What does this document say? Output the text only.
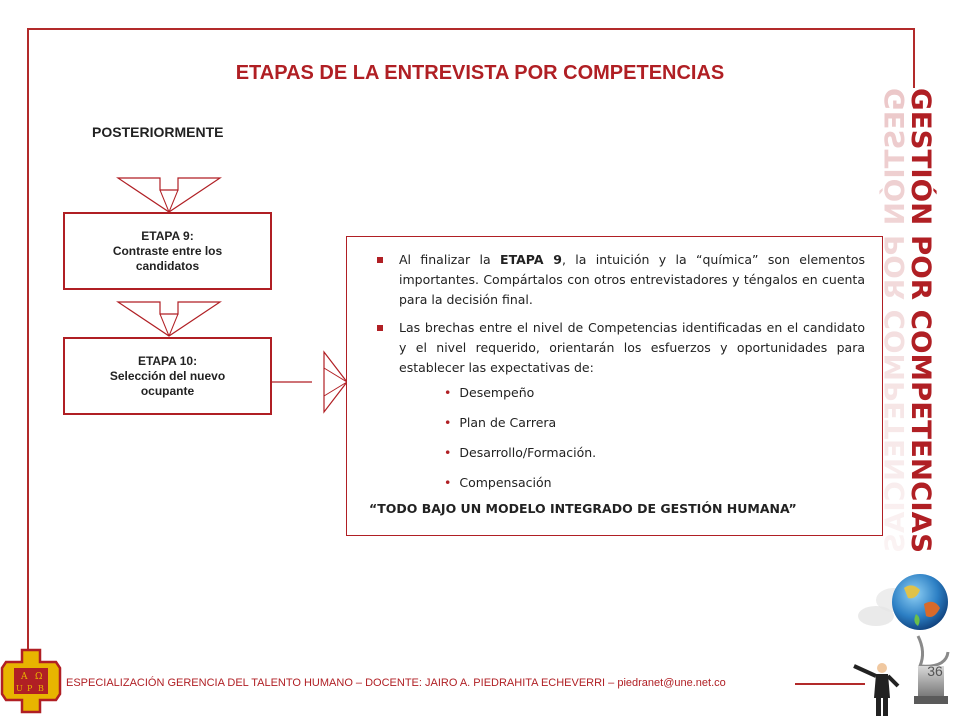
ETAPAS DE LA ENTREVISTA POR COMPETENCIAS
POSTERIORMENTE
ETAPA 9:
Contraste entre los
candidatos
ETAPA 10:
Selección del nuevo
ocupante
Al finalizar la ETAPA 9, la intuición y la “química” son elementos importantes. Compártalos con otros entrevistadores y téngalos en cuenta para la decisión final.
Las brechas entre el nivel de Competencias identificadas en el candidato y el nivel requerido, orientarán los esfuerzos y oportunidades para establecer las expectativas de:
• Desempeño
• Plan de Carrera
• Desarrollo/Formación.
• Compensación
“TODO BAJO UN MODELO INTEGRADO DE GESTIÓN HUMANA”	GESTIÓN POR COMPETENCIAS
GESTIÓN POR COMPETENCIAS
A Ω
U P B ESPECIALIZACIÓN GERENCIA DEL TALENTO HUMANO – DOCENTE: JAIRO A. PIEDRAHITA ECHEVERRI – piedranet@une.net.co
36
